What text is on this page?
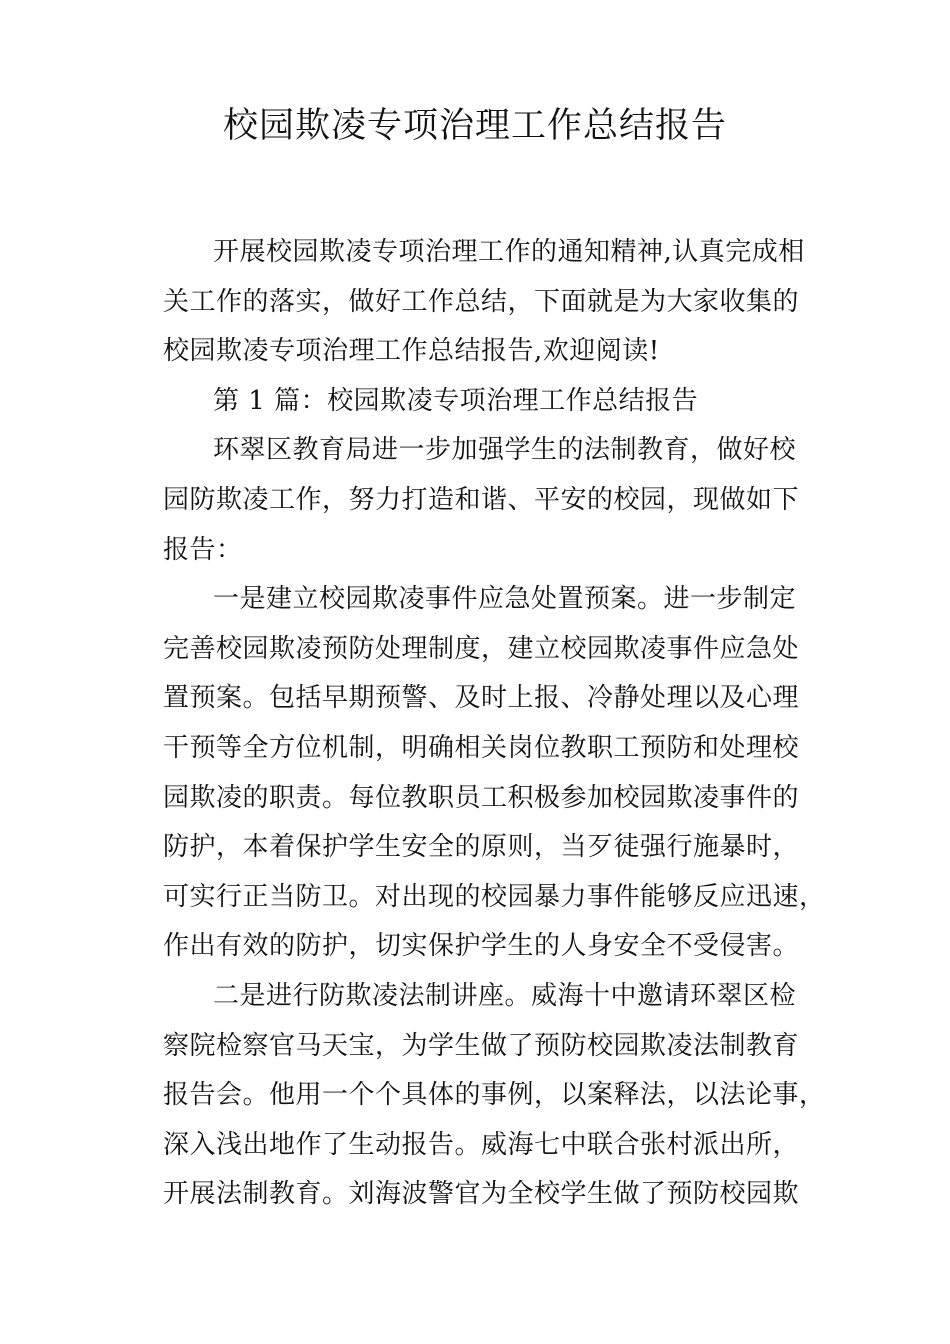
校园欺凌专项治理工作总结报告
开展校园欺凌专项治理工作的通知精神,认真完成相
关工作的落实，做好工作总结，下面就是为大家收集的
校园欺凌专项治理工作总结报告,欢迎阅读!
第 1 篇：校园欺凌专项治理工作总结报告
环翠区教育局进一步加强学生的法制教育，做好校
园防欺凌工作，努力打造和谐、平安的校园，现做如下
报告：
一是建立校园欺凌事件应急处置预案。进一步制定
完善校园欺凌预防处理制度，建立校园欺凌事件应急处
置预案。包括早期预警、及时上报、冷静处理以及心理
干预等全方位机制，明确相关岗位教职工预防和处理校
园欺凌的职责。每位教职员工积极参加校园欺凌事件的
防护，本着保护学生安全的原则，当歹徒强行施暴时，
可实行正当防卫。对出现的校园暴力事件能够反应迅速，
作出有效的防护，切实保护学生的人身安全不受侵害。
二是进行防欺凌法制讲座。威海十中邀请环翠区检
察院检察官马天宝，为学生做了预防校园欺凌法制教育
报告会。他用一个个具体的事例，以案释法，以法论事，
深入浅出地作了生动报告。威海七中联合张村派出所，
开展法制教育。刘海波警官为全校学生做了预防校园欺
